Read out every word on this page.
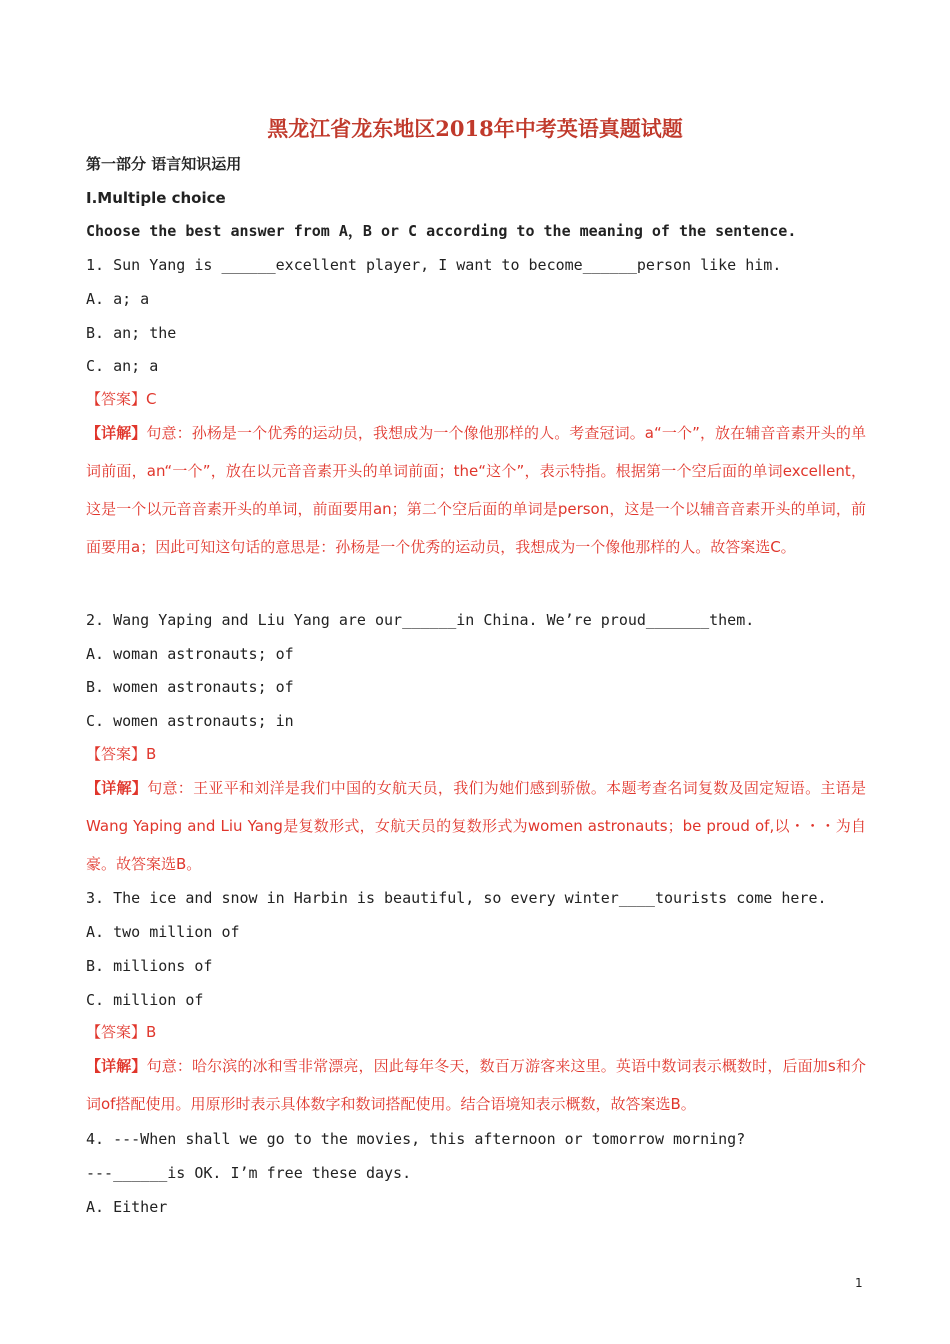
黑龙江省龙东地区2018年中考英语真题试题
第一部分 语言知识运用
Ⅰ.Multiple choice
Choose the best answer from A，B or C according to the meaning of the sentence.
1. Sun Yang is ______excellent player, I want to become______person like him.
A. a; a
B. an; the
C. an; a
【答案】C
【详解】句意：孙杨是一个优秀的运动员，我想成为一个像他那样的人。考查冠词。a“一个”，放在辅音音素开头的单词前面，an“一个”，放在以元音音素开头的单词前面；the“这个”，表示特指。根据第一个空后面的单词excellent，这是一个以元音音素开头的单词，前面要用an；第二个空后面的单词是person，这是一个以辅音音素开头的单词，前面要用a；因此可知这句话的意思是：孙杨是一个优秀的运动员，我想成为一个像他那样的人。故答案选C。
2. Wang Yaping and Liu Yang are our______in China. We’re proud_______them.
A. woman astronauts; of
B. women astronauts; of
C. women astronauts; in
【答案】B
【详解】句意：王亚平和刘洋是我们中国的女航天员，我们为她们感到骄傲。本题考查名词复数及固定短语。主语是Wang Yaping and Liu Yang是复数形式，女航天员的复数形式为women astronauts；be proud of,以・・・为自豪。故答案选B。
3. The ice and snow in Harbin is beautiful, so every winter____tourists come here.
A. two million of
B. millions of
C. million of
【答案】B
【详解】句意：哈尔滨的冰和雪非常漂亮，因此每年冬天，数百万游客来这里。英语中数词表示概数时，后面加s和介词of搭配使用。用原形时表示具体数字和数词搭配使用。结合语境知表示概数，故答案选B。
4. ---When shall we go to the movies, this afternoon or tomorrow morning?
---______is OK. I’m free these days.
A. Either
1
